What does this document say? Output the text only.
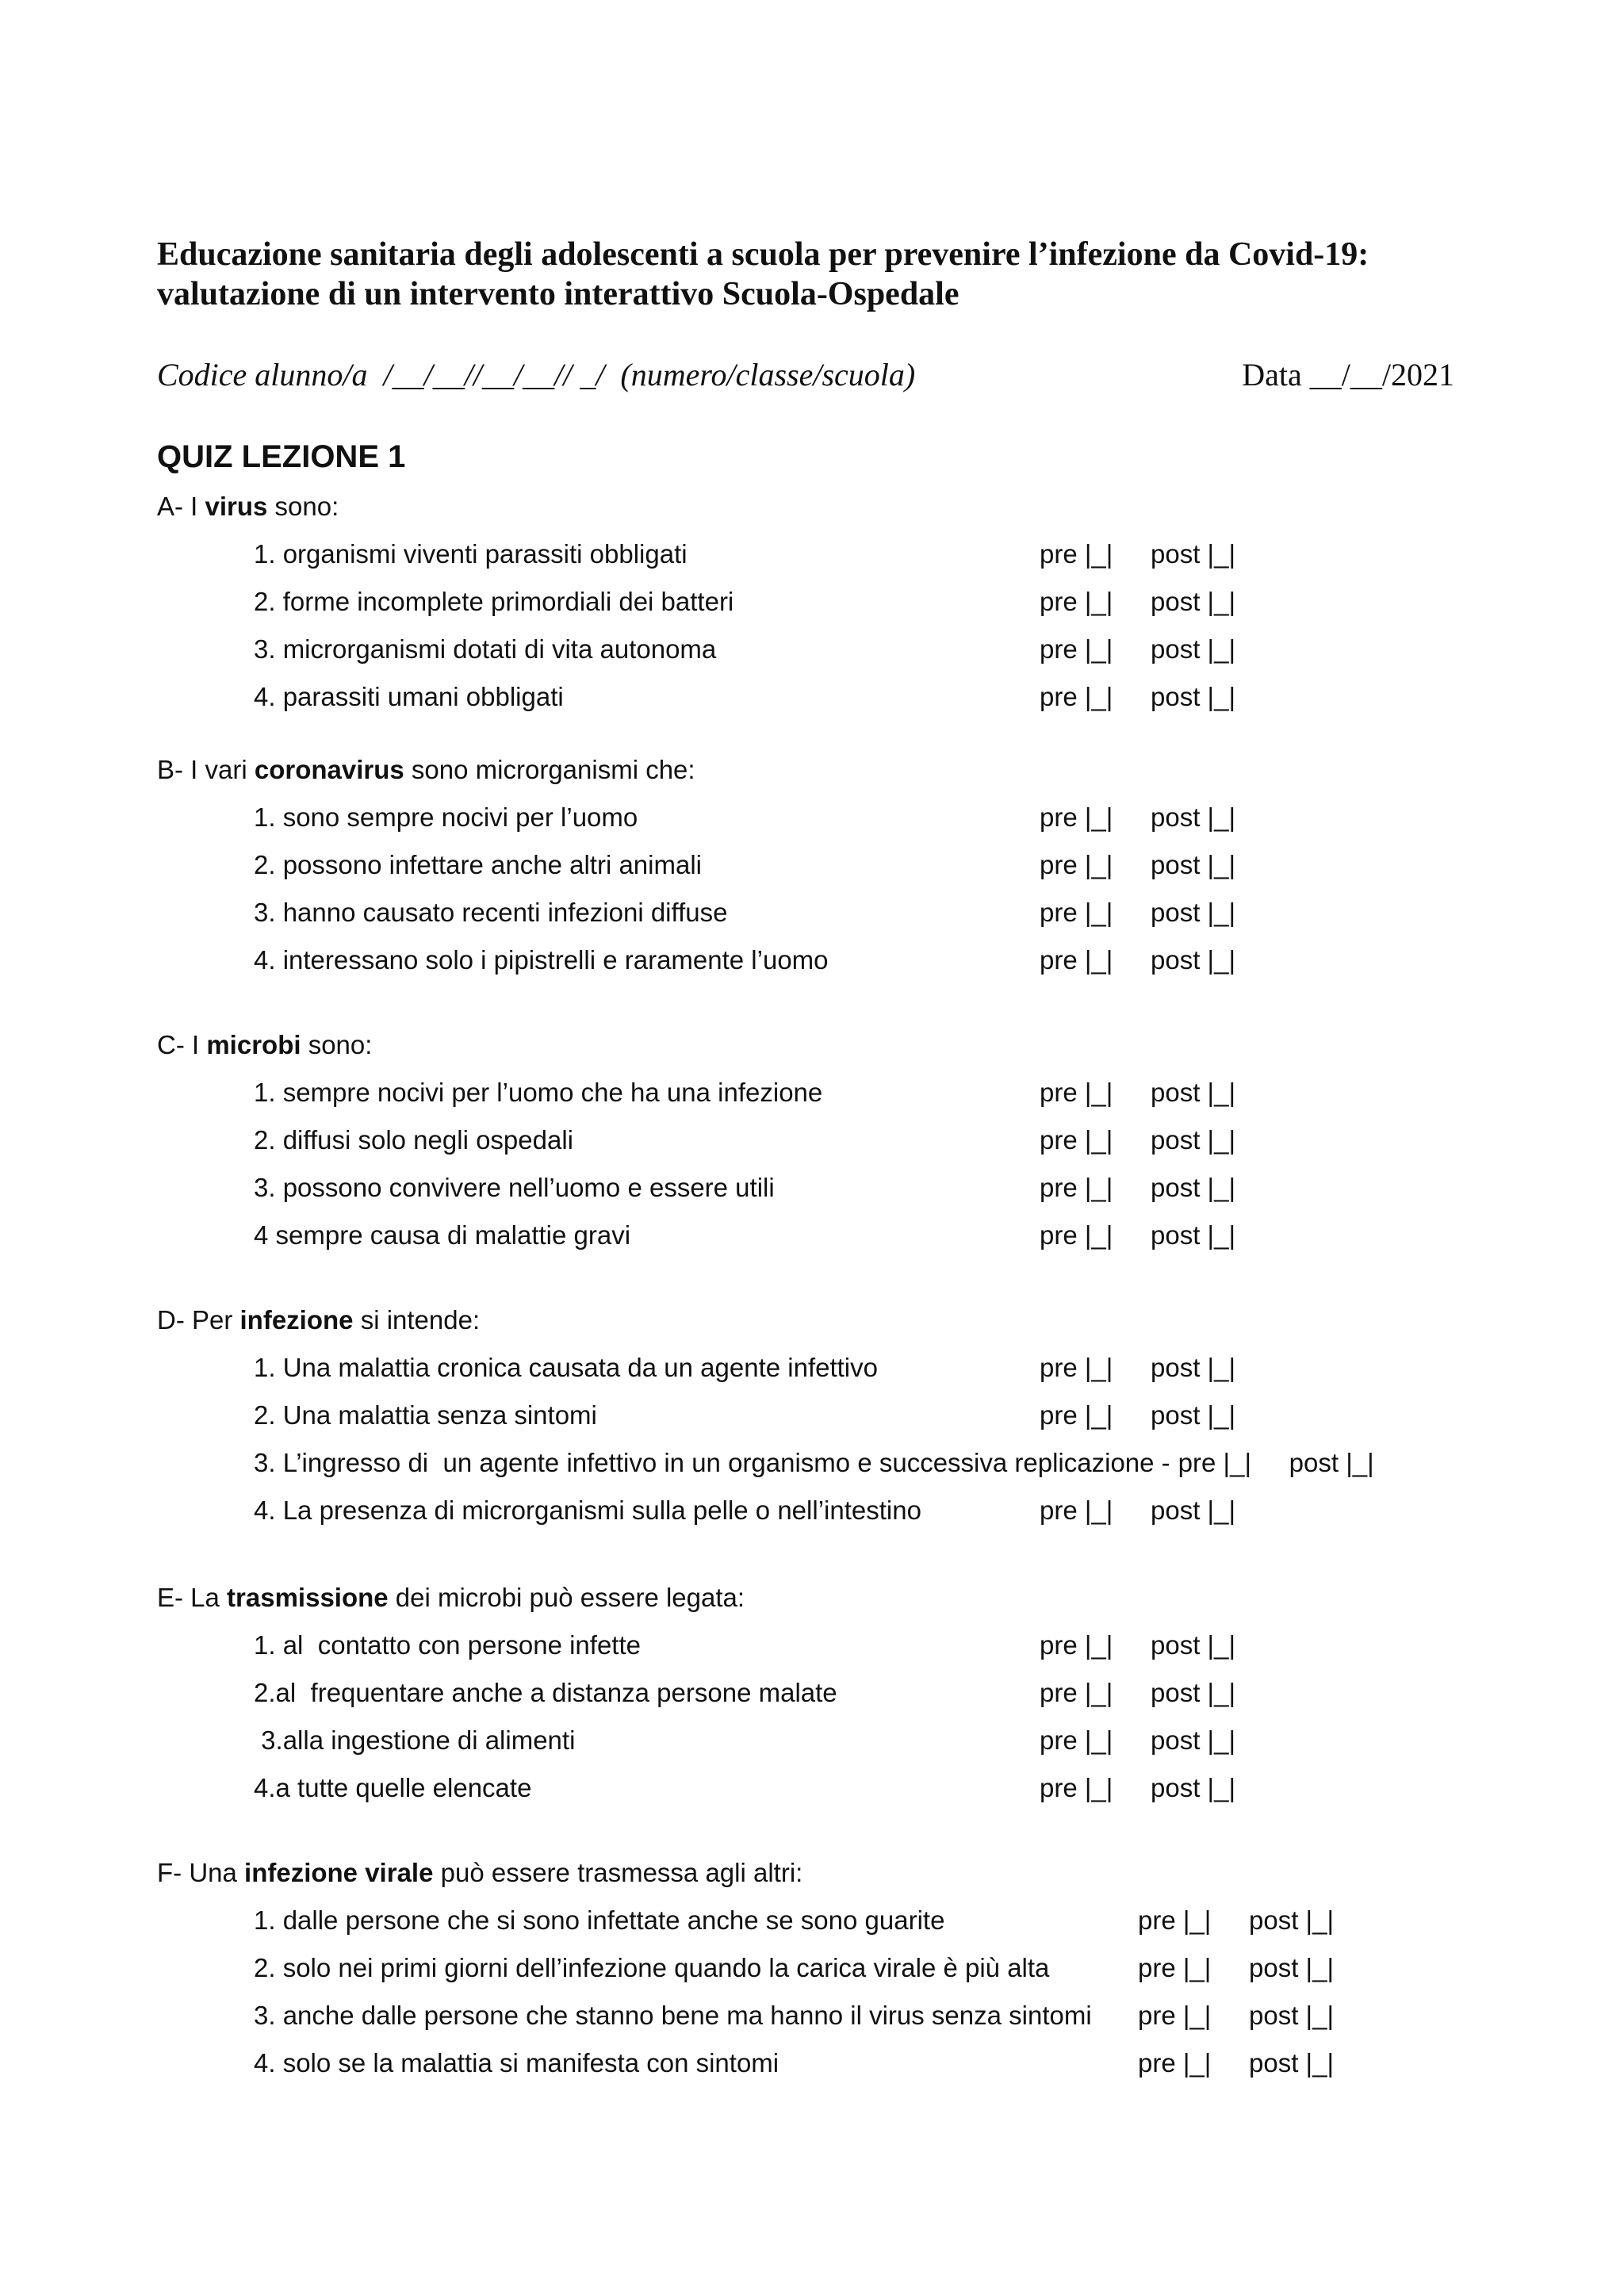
Educazione sanitaria degli adolescenti a scuola per prevenire l’infezione da Covid-19:
valutazione di un intervento interattivo Scuola-Ospedale
Codice alunno/a  /__/__//__/__// _/  (numero/classe/scuola)	Data __/__/2021
QUIZ LEZIONE 1
A- I virus sono:
1. organismi viventi parassiti obbligati	pre |_| post |_|
2. forme incomplete primordiali dei batteri	pre |_| post |_|
3. microrganismi dotati di vita autonoma	pre |_| post |_|
4. parassiti umani obbligati	pre |_| post |_|
B- I vari coronavirus sono microrganismi che:
1. sono sempre nocivi per l’uomo	pre |_| post |_|
2. possono infettare anche altri animali	pre |_| post |_|
3. hanno causato recenti infezioni diffuse	pre |_| post |_|
4. interessano solo i pipistrelli e raramente l’uomo	pre |_| post |_|
C- I microbi sono:
1. sempre nocivi per l’uomo che ha una infezione	pre |_| post |_|
2. diffusi solo negli ospedali	pre |_| post |_|
3. possono convivere nell’uomo e essere utili	pre |_| post |_|
4 sempre causa di malattie gravi	pre |_| post |_|
D- Per infezione si intende:
1. Una malattia cronica causata da un agente infettivo	pre |_| post |_|
2. Una malattia senza sintomi	pre |_| post |_|
3. L’ingresso di  un agente infettivo in un organismo e successiva replicazione - pre |_| post |_|
4. La presenza di microrganismi sulla pelle o nell’intestino	pre |_| post |_|
E- La trasmissione dei microbi può essere legata:
1. al  contatto con persone infette	pre |_| post |_|
2.al  frequentare anche a distanza persone malate	pre |_| post |_|
3.alla ingestione di alimenti	pre |_| post |_|
4.a tutte quelle elencate	pre |_| post |_|
F- Una infezione virale può essere trasmessa agli altri:
1. dalle persone che si sono infettate anche se sono guarite	pre |_| post |_|
2. solo nei primi giorni dell’infezione quando la carica virale è più alta	pre |_| post |_|
3. anche dalle persone che stanno bene ma hanno il virus senza sintomi pre |_| post |_|
4. solo se la malattia si manifesta con sintomi	pre |_| post |_|
